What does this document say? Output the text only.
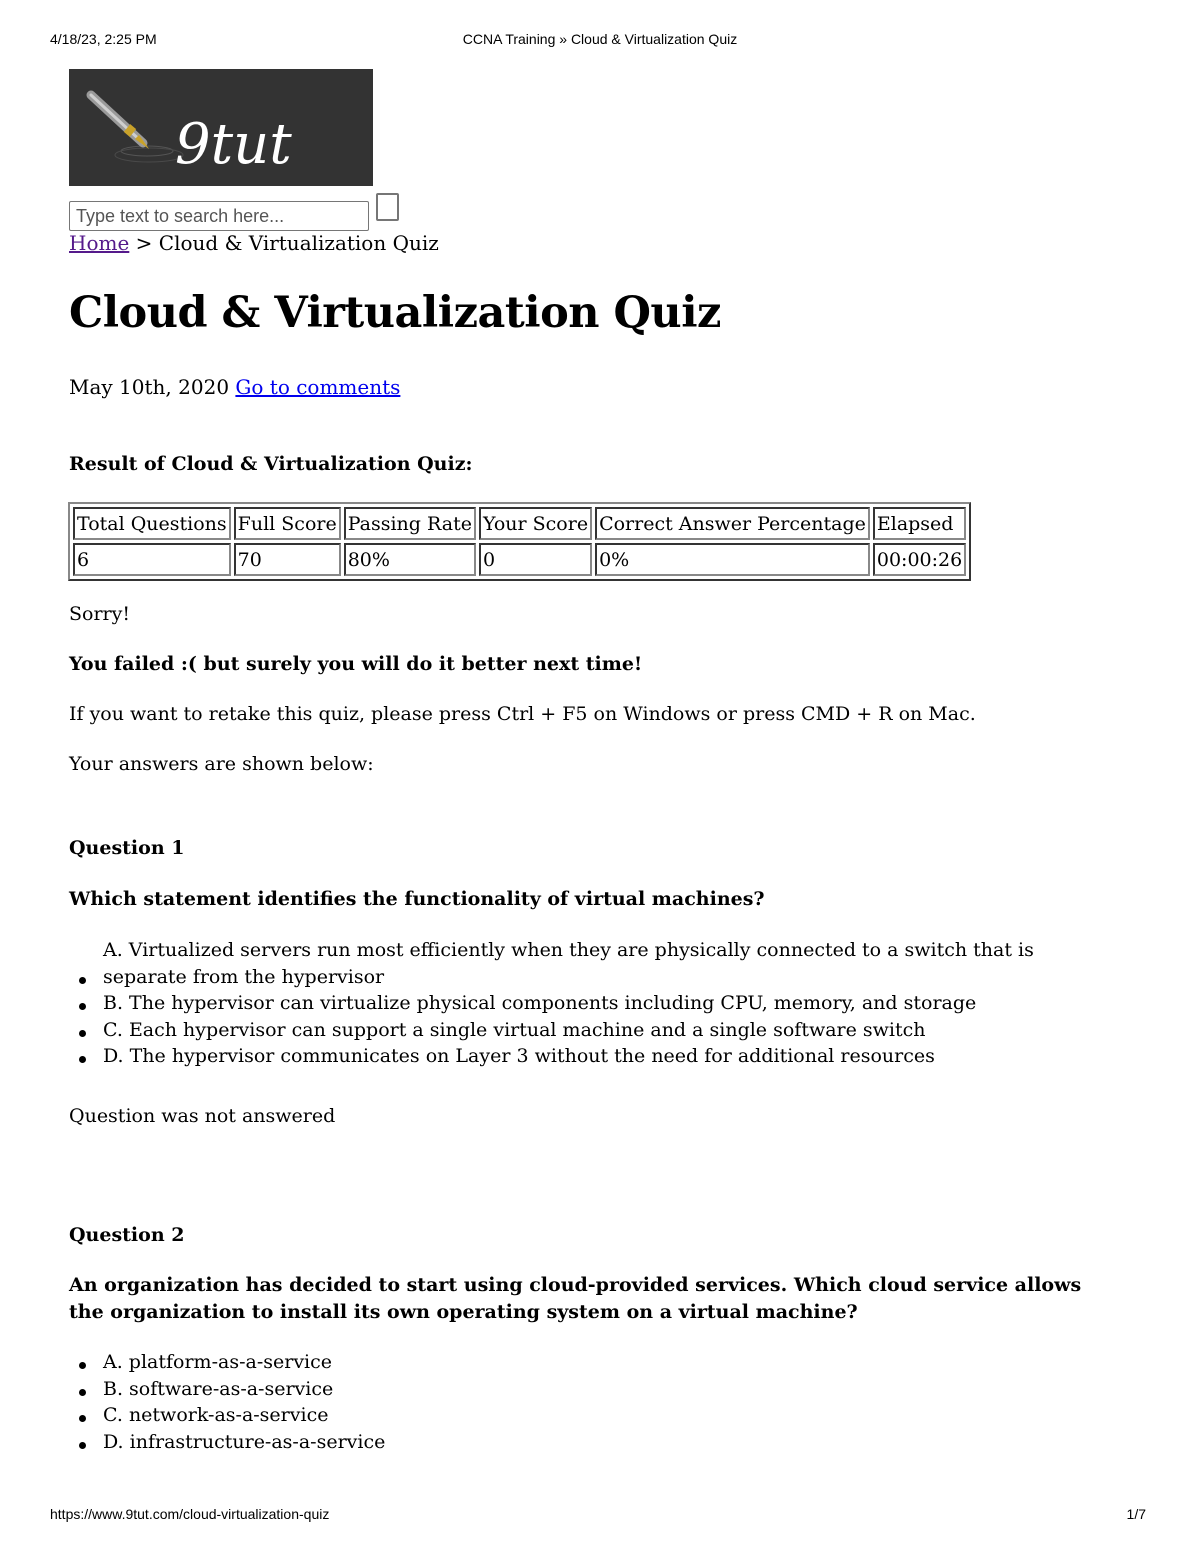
4/18/23, 2:25 PM	CCNA Training » Cloud & Virtualization Quiz
9tut
Type text to search here...
Home > Cloud & Virtualization Quiz
Cloud & Virtualization Quiz
May 10th, 2020 Go to comments
Result of Cloud & Virtualization Quiz:
Total Questions	Full Score	Passing Rate	Your Score	Correct Answer Percentage	Elapsed
6	70	80%	0	0%	00:00:26
Sorry!
You failed :( but surely you will do it better next time!
If you want to retake this quiz, please press Ctrl + F5 on Windows or press CMD + R on Mac.
Your answers are shown below:
Question 1
Which statement identifies the functionality of virtual machines?
A. Virtualized servers run most efficiently when they are physically connected to a switch that is separate from the hypervisor
B. The hypervisor can virtualize physical components including CPU, memory, and storage
C. Each hypervisor can support a single virtual machine and a single software switch
D. The hypervisor communicates on Layer 3 without the need for additional resources
Question was not answered
Question 2
An organization has decided to start using cloud-provided services. Which cloud service allows the organization to install its own operating system on a virtual machine?
A. platform-as-a-service
B. software-as-a-service
C. network-as-a-service
D. infrastructure-as-a-service
https://www.9tut.com/cloud-virtualization-quiz	1/7
